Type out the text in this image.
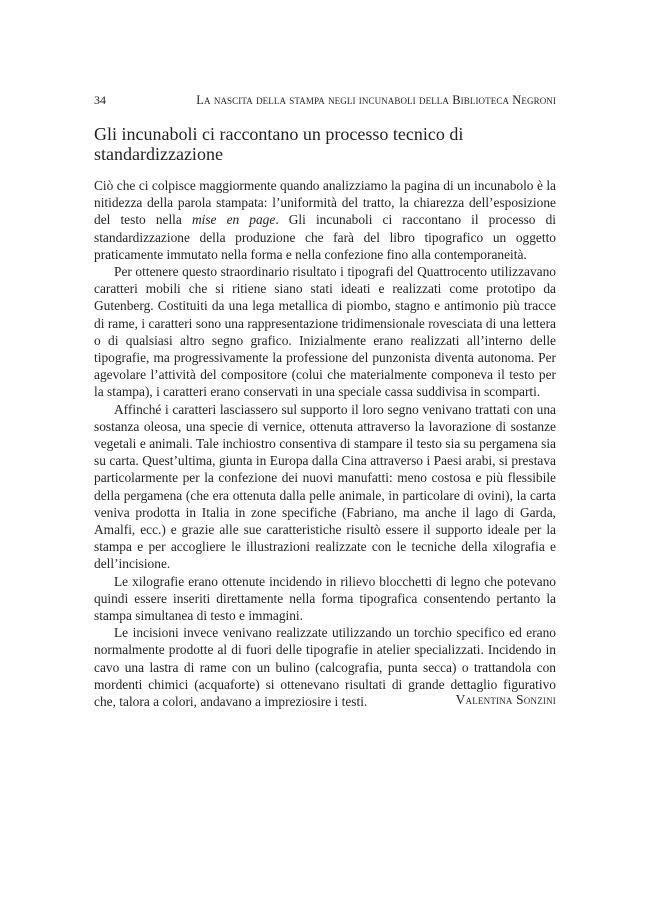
34	La nascita della stampa negli incunaboli della Biblioteca Negroni
Gli incunaboli ci raccontano un processo tecnico di standardizzazione

Ciò che ci colpisce maggiormente quando analizziamo la pagina di un incunabolo è la nitidezza della parola stampata: l’uniformità del tratto, la chiarezza dell’esposizione del testo nella mise en page. Gli incunaboli ci raccontano il processo di standardizzazione della produzione che farà del libro tipografico un oggetto praticamente immutato nella forma e nella confezione fino alla contemporaneità.

Per ottenere questo straordinario risultato i tipografi del Quattrocento utilizzavano caratteri mobili che si ritiene siano stati ideati e realizzati come prototipo da Gutenberg. Costituiti da una lega metallica di piombo, stagno e antimonio più tracce di rame, i caratteri sono una rappresentazione tridimensionale rovesciata di una lettera o di qualsiasi altro segno grafico. Inizialmente erano realizzati all’interno delle tipografie, ma progressivamente la professione del punzonista diventa autonoma. Per agevolare l’attività del compositore (colui che materialmente componeva il testo per la stampa), i caratteri erano conservati in una speciale cassa suddivisa in scomparti.

Affinché i caratteri lasciassero sul supporto il loro segno venivano trattati con una sostanza oleosa, una specie di vernice, ottenuta attraverso la lavorazione di sostanze vegetali e animali. Tale inchiostro consentiva di stampare il testo sia su pergamena sia su carta. Quest’ultima, giunta in Europa dalla Cina attraverso i Paesi arabi, si prestava particolarmente per la confezione dei nuovi manufatti: meno costosa e più flessibile della pergamena (che era ottenuta dalla pelle animale, in particolare di ovini), la carta veniva prodotta in Italia in zone specifiche (Fabriano, ma anche il lago di Garda, Amalfi, ecc.) e grazie alle sue caratteristiche risultò essere il supporto ideale per la stampa e per accogliere le illustrazioni realizzate con le tecniche della xilografia e dell’incisione.

Le xilografie erano ottenute incidendo in rilievo blocchetti di legno che potevano quindi essere inseriti direttamente nella forma tipografica consentendo pertanto la stampa simultanea di testo e immagini.

Le incisioni invece venivano realizzate utilizzando un torchio specifico ed erano normalmente prodotte al di fuori delle tipografie in atelier specializzati. Incidendo in cavo una lastra di rame con un bulino (calcografia, punta secca) o trattandola con mordenti chimici (acquaforte) si ottenevano risultati di grande dettaglio figurativo che, talora a colori, andavano a impreziosire i testi.	Valentina Sonzini
